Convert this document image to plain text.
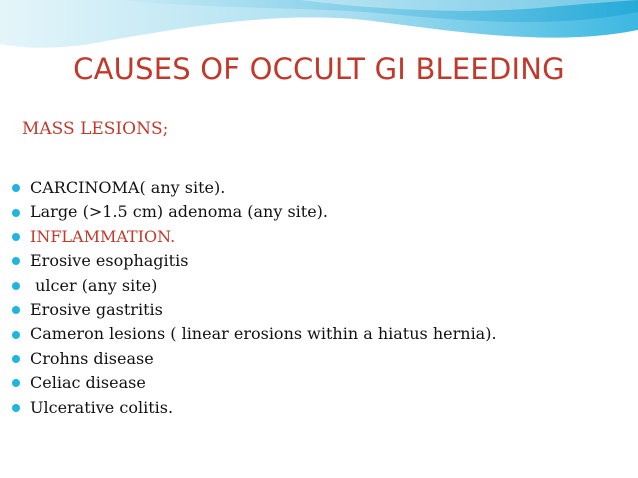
CAUSES OF OCCULT GI BLEEDING
MASS LESIONS;
CARCINOMA( any site).
Large (>1.5 cm) adenoma (any site).
INFLAMMATION.
Erosive esophagitis
ulcer (any site)
Erosive gastritis
Cameron lesions ( linear erosions within a hiatus hernia).
Crohns disease
Celiac disease
Ulcerative colitis.
